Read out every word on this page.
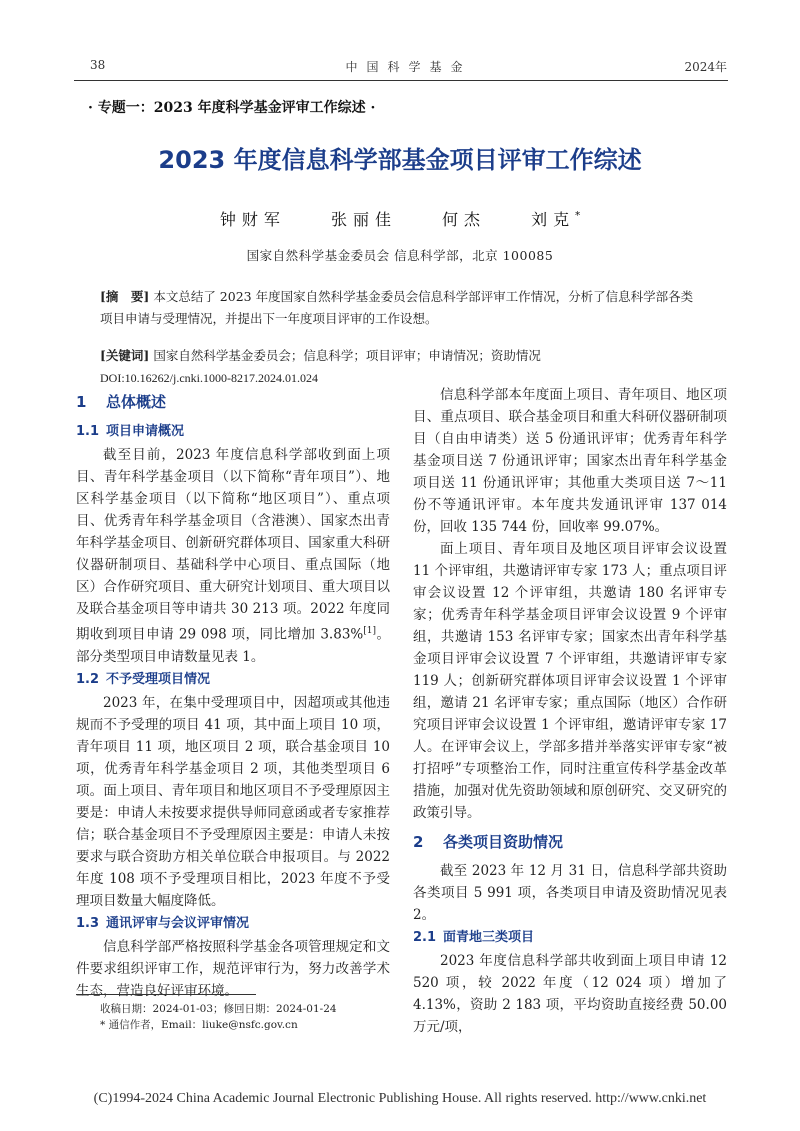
38	中国科学基金	2024年
· 专题一：2023 年度科学基金评审工作综述 ·
2023 年度信息科学部基金项目评审工作综述
钟财军	张丽佳	何杰	刘克*
国家自然科学基金委员会 信息科学部，北京 100085
[摘　要] 本文总结了 2023 年度国家自然科学基金委员会信息科学部评审工作情况，分析了信息科学部各类项目申请与受理情况，并提出下一年度项目评审的工作设想。
[关键词] 国家自然科学基金委员会；信息科学；项目评审；申请情况；资助情况
DOI:10.16262/j.cnki.1000-8217.2024.01.024
1 总体概述
1.1 项目申请概况

截至目前，2023 年度信息科学部收到面上项目、青年科学基金项目（以下简称“青年项目”）、地区科学基金项目（以下简称“地区项目”）、重点项目、优秀青年科学基金项目（含港澳）、国家杰出青年科学基金项目、创新研究群体项目、国家重大科研仪器研制项目、基础科学中心项目、重点国际（地区）合作研究项目、重大研究计划项目、重大项目以及联合基金项目等申请共 30 213 项。2022 年度同期收到项目申请 29 098 项，同比增加 3.83%[1]。部分类型项目申请数量见表 1。

1.2 不予受理项目情况

2023 年，在集中受理项目中，因超项或其他违规而不予受理的项目 41 项，其中面上项目 10 项，青年项目 11 项，地区项目 2 项，联合基金项目 10 项，优秀青年科学基金项目 2 项，其他类型项目 6 项。面上项目、青年项目和地区项目不予受理原因主要是：申请人未按要求提供导师同意函或者专家推荐信；联合基金项目不予受理原因主要是：申请人未按要求与联合资助方相关单位联合申报项目。与 2022 年度 108 项不予受理项目相比，2023 年度不予受理项目数量大幅度降低。

1.3 通讯评审与会议评审情况

信息科学部严格按照科学基金各项管理规定和文件要求组织评审工作，规范评审行为，努力改善学术生态，营造良好评审环境。

信息科学部本年度面上项目、青年项目、地区项目、重点项目、联合基金项目和重大科研仪器研制项目（自由申请类）送 5 份通讯评审；优秀青年科学基金项目送 7 份通讯评审；国家杰出青年科学基金项目送 11 份通讯评审；其他重大类项目送 7～11 份不等通讯评审。本年度共发通讯评审 137 014 份，回收 135 744 份，回收率 99.07%。

面上项目、青年项目及地区项目评审会议设置 11 个评审组，共邀请评审专家 173 人；重点项目评审会议设置 12 个评审组，共邀请 180 名评审专家；优秀青年科学基金项目评审会议设置 9 个评审组，共邀请 153 名评审专家；国家杰出青年科学基金项目评审会议设置 7 个评审组，共邀请评审专家 119 人；创新研究群体项目评审会议设置 1 个评审组，邀请 21 名评审专家；重点国际（地区）合作研究项目评审会议设置 1 个评审组，邀请评审专家 17 人。在评审会议上，学部多措并举落实评审专家“被打招呼”专项整治工作，同时注重宣传科学基金改革措施，加强对优先资助领域和原创研究、交叉研究的政策引导。

2 各类项目资助情况

截至 2023 年 12 月 31 日，信息科学部共资助各类项目 5 991 项，各类项目申请及资助情况见表 2。

2.1 面青地三类项目

2023 年度信息科学部共收到面上项目申请 12 520 项，较 2022 年度（12 024 项）增加了 4.13%，资助 2 183 项，平均资助直接经费 50.00 万元/项，

收稿日期：2024-01-03；修回日期：2024-01-24
* 通信作者，Email：liuke@nsfc.gov.cn
(C)1994-2024 China Academic Journal Electronic Publishing House. All rights reserved. http://www.cnki.net
